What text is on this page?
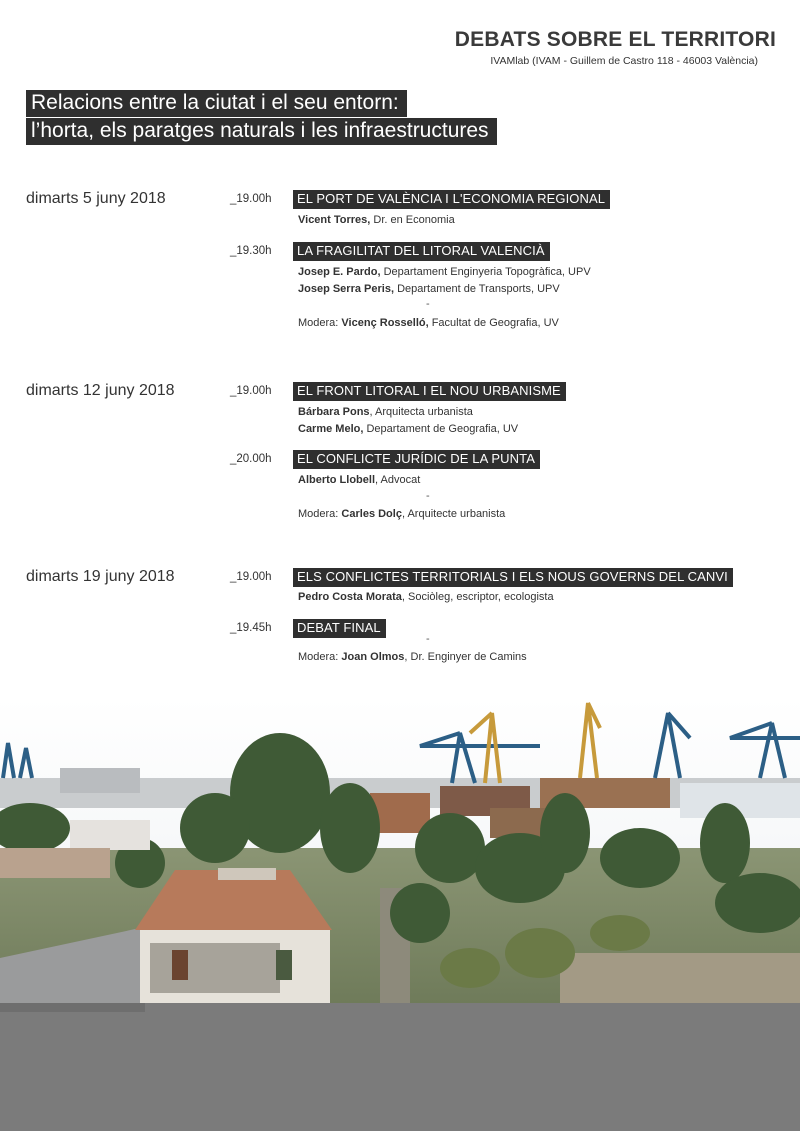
DEBATS SOBRE EL TERRITORI
IVAMlab (IVAM - Guillem de Castro 118 - 46003 València)
Relacions entre la ciutat i el seu entorn:
l’horta, els paratges naturals i les infraestructures
dimarts 5 juny 2018	_19.00h	EL PORT DE VALÈNCIA I L'ECONOMIA REGIONAL
Vicent Torres, Dr. en Economia
_19.30h	LA FRAGILITAT DEL LITORAL VALENCIÀ
Josep E. Pardo, Departament Enginyeria Topogràfica, UPV
Josep Serra Peris, Departament de Transports, UPV
-
Modera: Vicenç Rosselló, Facultat de Geografia, UV
dimarts 12 juny 2018	_19.00h	EL FRONT LITORAL I EL NOU URBANISME
Bárbara Pons, Arquitecta urbanista
Carme Melo, Departament de Geografia, UV
_20.00h	EL CONFLICTE JURÍDIC DE LA PUNTA
Alberto Llobell, Advocat
-
Modera: Carles Dolç, Arquitecte urbanista
dimarts 19 juny 2018	_19.00h	ELS CONFLICTES TERRITORIALS I ELS NOUS GOVERNS DEL CANVI
Pedro Costa Morata, Sociòleg, escriptor, ecologista
_19.45h	DEBAT FINAL
-
Modera: Joan Olmos, Dr. Enginyer de Camins
